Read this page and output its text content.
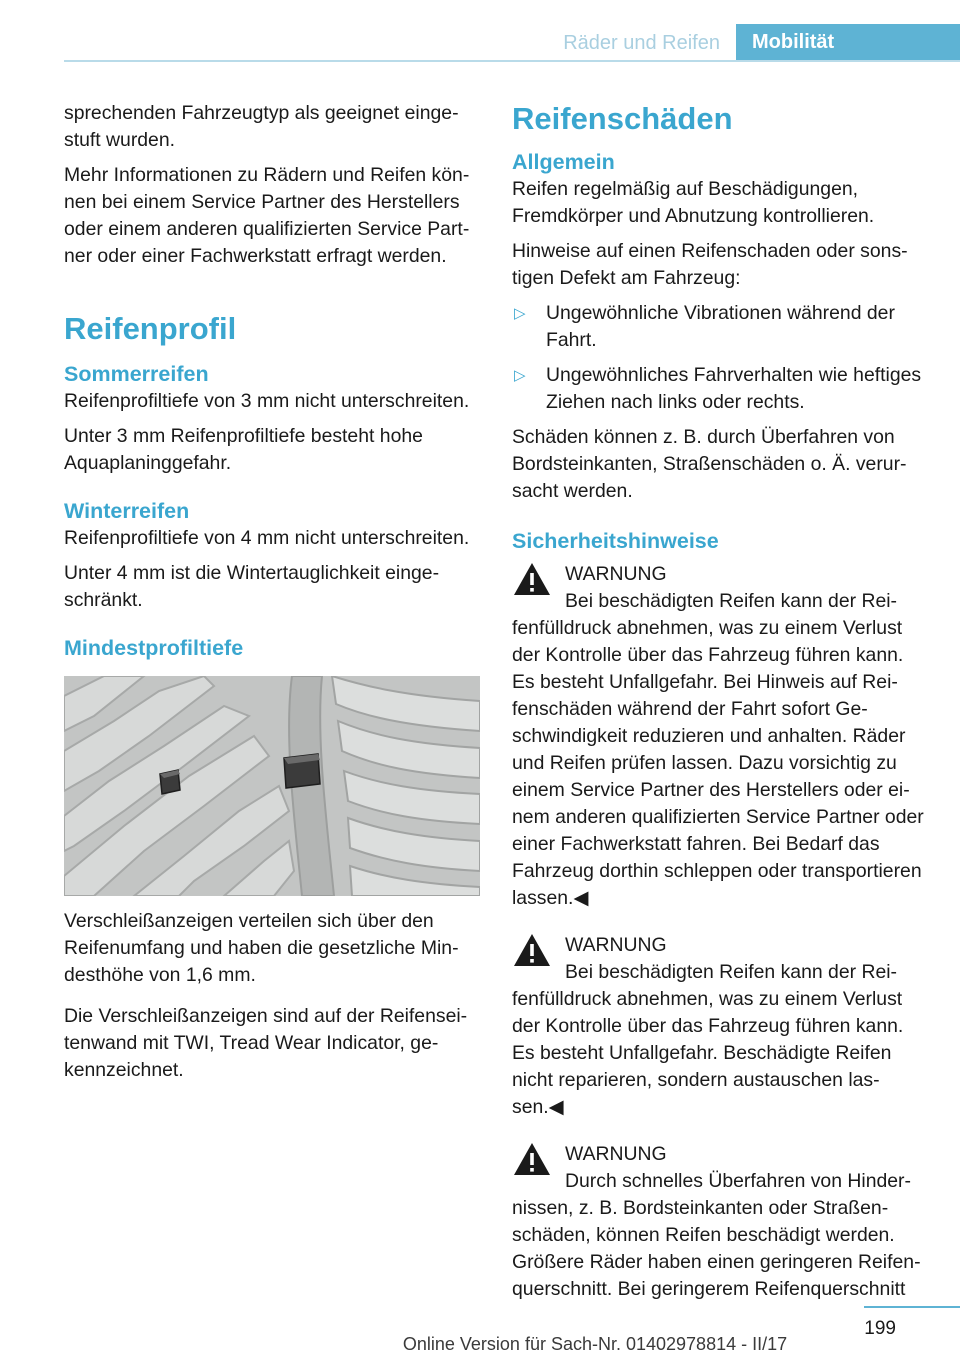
Räder und Reifen	Mobilität

sprechenden Fahrzeugtyp als geeignet eingestuft wurden.

Mehr Informationen zu Rädern und Reifen können bei einem Service Partner des Herstellers oder einem anderen qualifizierten Service Partner oder einer Fachwerkstatt erfragt werden.

Reifenprofil
Sommerreifen

Reifenprofiltiefe von 3 mm nicht unterschreiten.

Unter 3 mm Reifenprofiltiefe besteht hohe Aquaplaninggefahr.

Winterreifen

Reifenprofiltiefe von 4 mm nicht unterschreiten.

Unter 4 mm ist die Wintertauglichkeit eingeschränkt.

Mindestprofiltiefe

Verschleißanzeigen verteilen sich über den Reifenumfang und haben die gesetzliche Mindesthöhe von 1,6 mm.

Die Verschleißanzeigen sind auf der Reifenseitenwand mit TWI, Tread Wear Indicator, gekennzeichnet.

Reifenschäden
Allgemein

Reifen regelmäßig auf Beschädigungen, Fremdkörper und Abnutzung kontrollieren.

Hinweise auf einen Reifenschaden oder sonstigen Defekt am Fahrzeug:

▷ Ungewöhnliche Vibrationen während der Fahrt.
▷ Ungewöhnliches Fahrverhalten wie heftiges Ziehen nach links oder rechts.

Schäden können z. B. durch Überfahren von Bordsteinkanten, Straßenschäden o. Ä. verursacht werden.

Sicherheitshinweise
WARNUNG
Bei beschädigten Reifen kann der Reifenfülldruck abnehmen, was zu einem Verlust der Kontrolle über das Fahrzeug führen kann. Es besteht Unfallgefahr. Bei Hinweis auf Reifenschäden während der Fahrt sofort Geschwindigkeit reduzieren und anhalten. Räder und Reifen prüfen lassen. Dazu vorsichtig zu einem Service Partner des Herstellers oder einem anderen qualifizierten Service Partner oder einer Fachwerkstatt fahren. Bei Bedarf das Fahrzeug dorthin schleppen oder transportieren lassen.◀
WARNUNG
Bei beschädigten Reifen kann der Reifenfülldruck abnehmen, was zu einem Verlust der Kontrolle über das Fahrzeug führen kann. Es besteht Unfallgefahr. Beschädigte Reifen nicht reparieren, sondern austauschen lassen.◀
WARNUNG
Durch schnelles Überfahren von Hindernissen, z. B. Bordsteinkanten oder Straßenschäden, können Reifen beschädigt werden. Größere Räder haben einen geringeren Reifenquerschnitt. Bei geringerem Reifenquerschnitt
199
Online Version für Sach-Nr. 01402978814 - II/17
